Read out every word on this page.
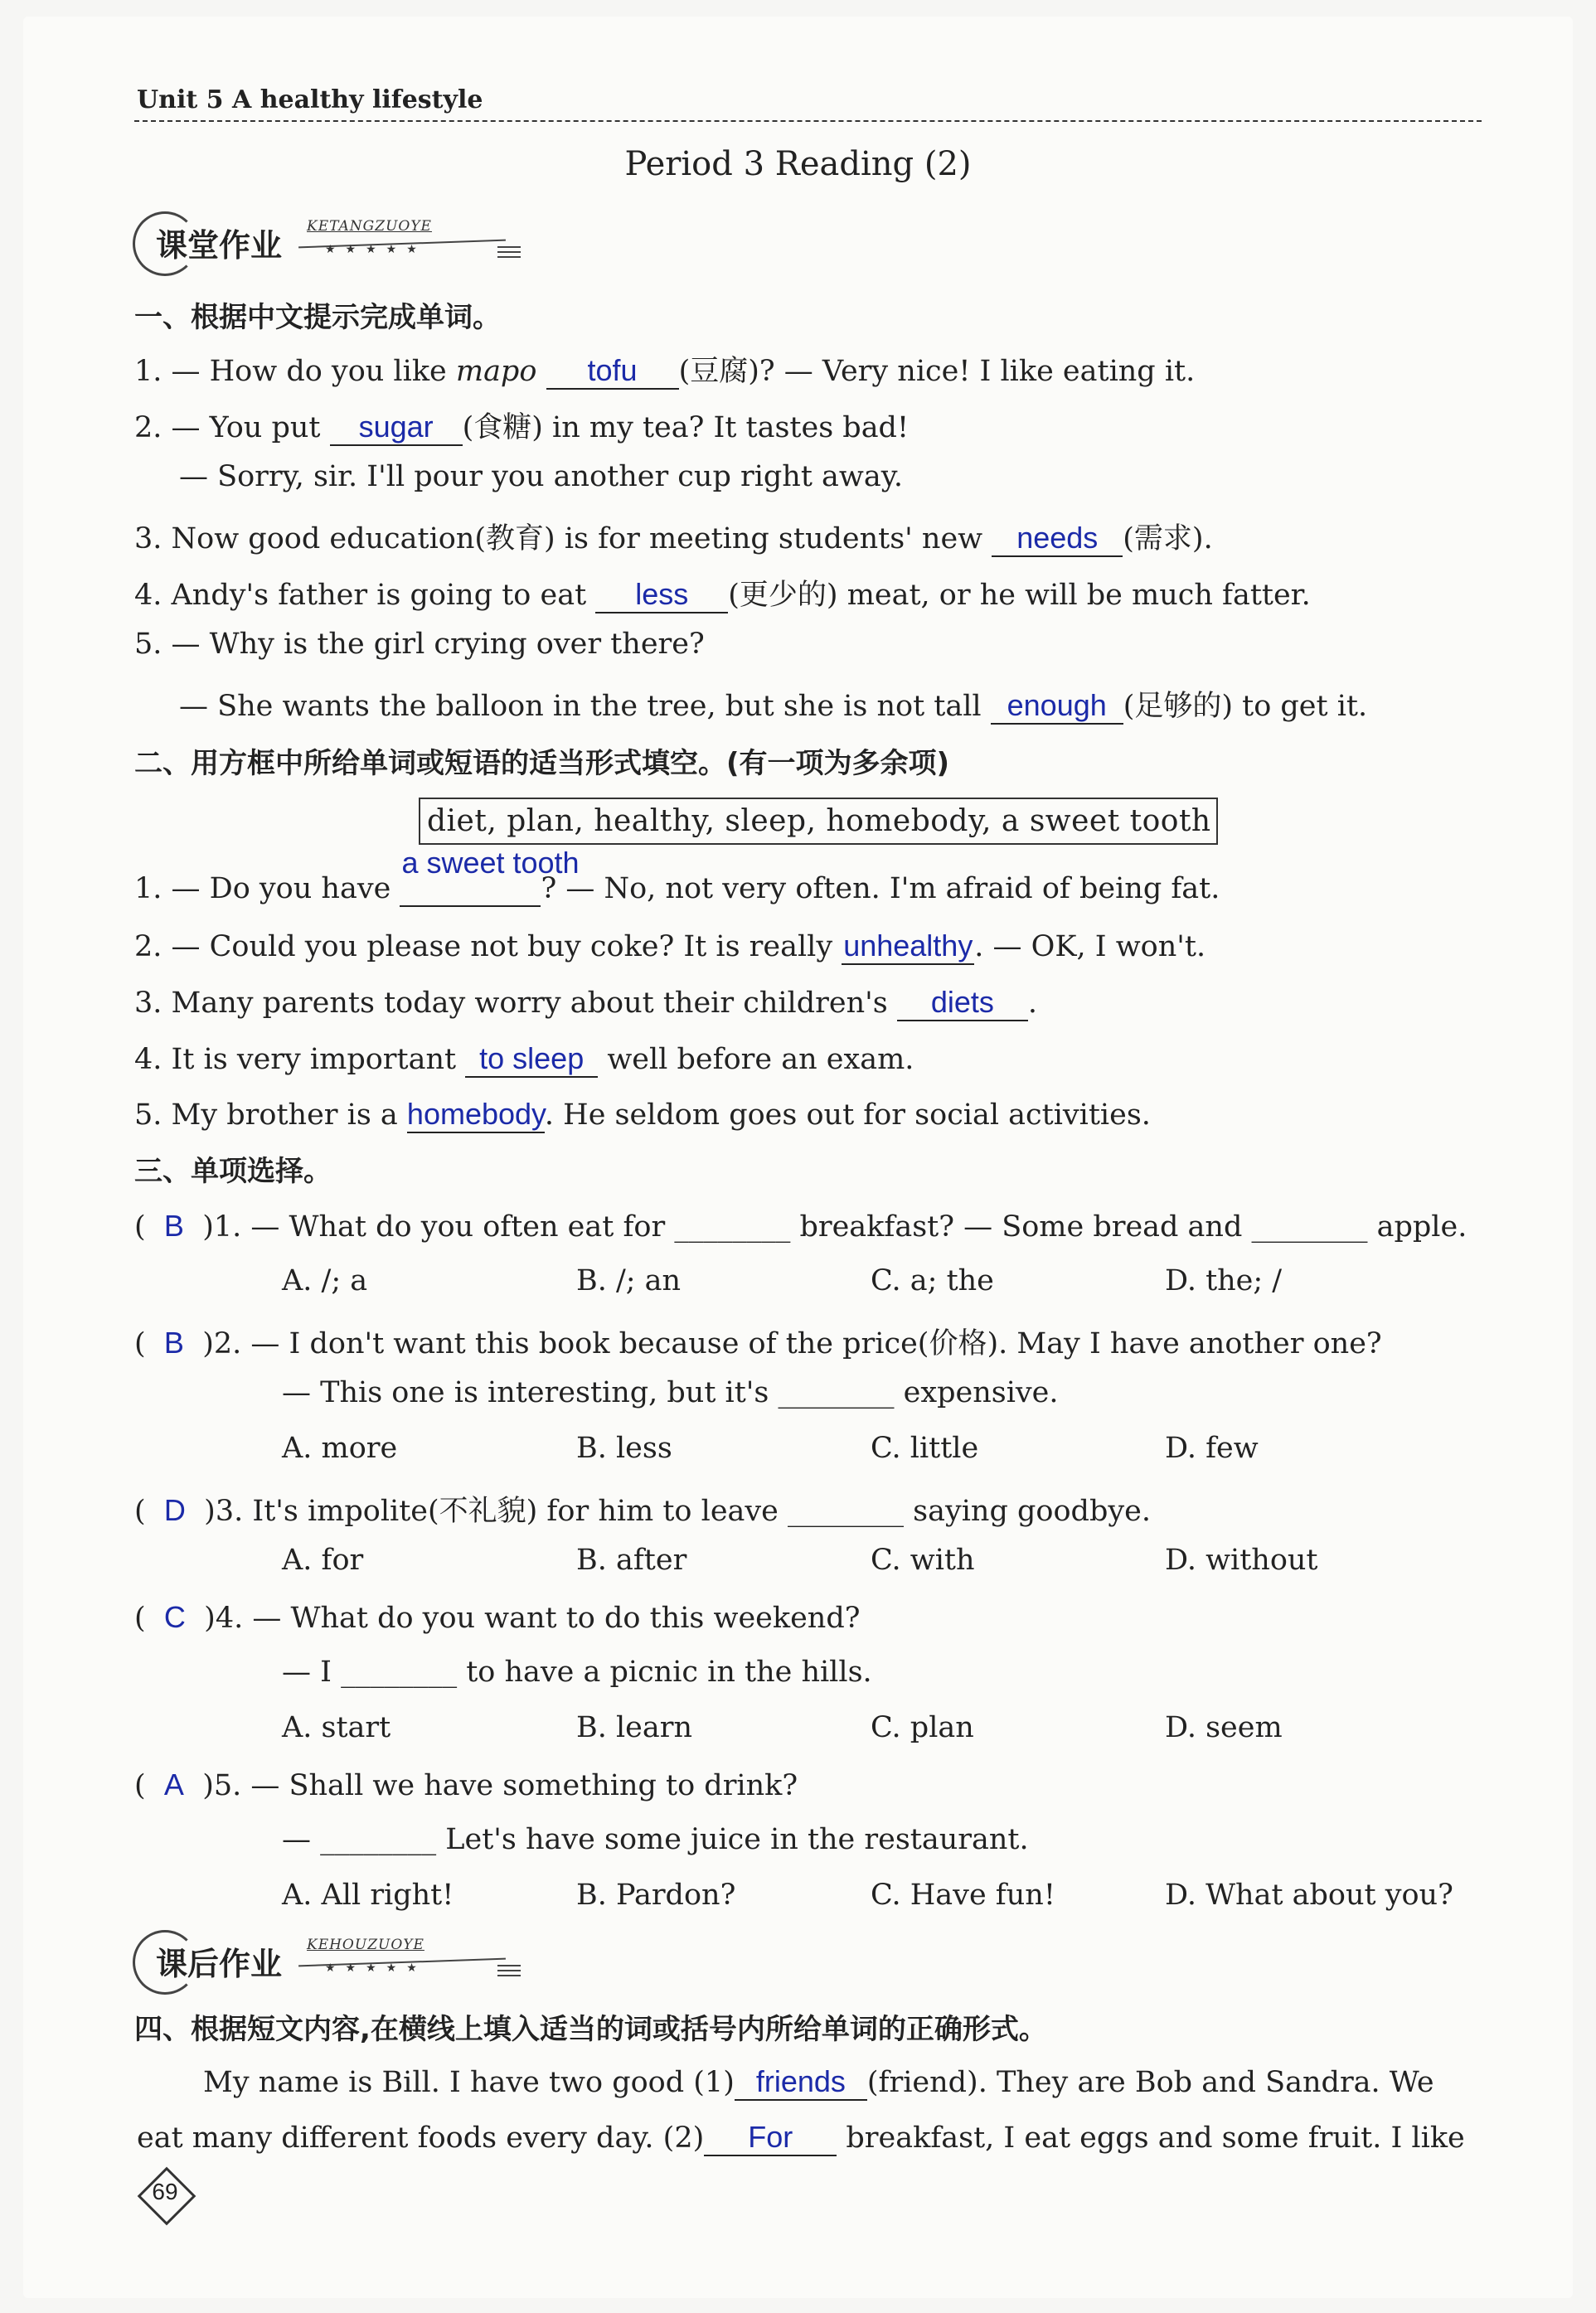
Unit 5 A healthy lifestyle
Period 3 Reading (2)
课堂作业
KETANGZUOYE
★★★★★
一、根据中文提示完成单词。
1. — How do you like mapo tofu (豆腐)? — Very nice! I like eating it.
2. — You put sugar (食糖) in my tea? It tastes bad!
— Sorry, sir. I'll pour you another cup right away.
3. Now good education(教育) is for meeting students' new needs (需求).
4. Andy's father is going to eat less (更少的) meat, or he will be much fatter.
5. — Why is the girl crying over there?
— She wants the balloon in the tree, but she is not tall enough (足够的) to get it.
二、用方框中所给单词或短语的适当形式填空。(有一项为多余项)
diet, plan, healthy, sleep, homebody, a sweet tooth
1. — Do you have
a sweet tooth
? — No, not very often. I'm afraid of being fat.
2. — Could you please not buy coke? It is really unhealthy. — OK, I won't.
3. Many parents today worry about their children's diets .
4. It is very important to sleep well before an exam.
5. My brother is a homebody. He seldom goes out for social activities.
三、单项选择。
(  B )1. — What do you often eat for ________ breakfast? — Some bread and ________ apple.
A. /; a	B. /; an	C. a; the	D. the; /
(  B )2. — I don't want this book because of the price(价格). May I have another one?
— This one is interesting, but it's ________ expensive.
A. more	B. less	C. little	D. few
(  D )3. It's impolite(不礼貌) for him to leave ________ saying goodbye.
A. for	B. after	C. with	D. without
(  C )4. — What do you want to do this weekend?
— I ________ to have a picnic in the hills.
A. start	B. learn	C. plan	D. seem
(  A )5. — Shall we have something to drink?
— ________ Let's have some juice in the restaurant.
A. All right!	B. Pardon?	C. Have fun!	D. What about you?
课后作业
KEHOUZUOYE
★★★★★
四、根据短文内容,在横线上填入适当的词或括号内所给单词的正确形式。
My name is Bill. I have two good (1) friends (friend). They are Bob and Sandra. We
eat many different foods every day. (2) For breakfast, I eat eggs and some fruit. I like
69
